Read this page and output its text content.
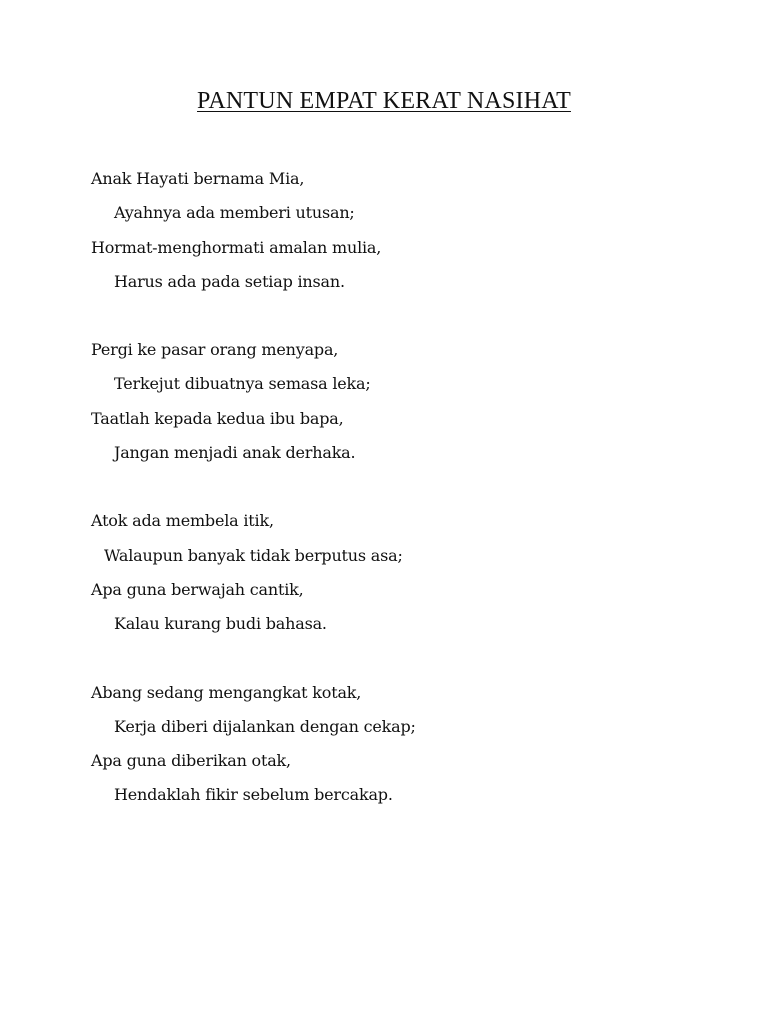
PANTUN EMPAT KERAT NASIHAT
Anak Hayati bernama Mia,
Ayahnya ada memberi utusan;
Hormat-menghormati amalan mulia,
Harus ada pada setiap insan.
Pergi ke pasar orang menyapa,
Terkejut dibuatnya semasa leka;
Taatlah kepada kedua ibu bapa,
Jangan menjadi anak derhaka.
Atok ada membela itik,
Walaupun banyak tidak berputus asa;
Apa guna berwajah cantik,
Kalau kurang budi bahasa.
Abang sedang mengangkat kotak,
Kerja diberi dijalankan dengan cekap;
Apa guna diberikan otak,
Hendaklah fikir sebelum bercakap.
